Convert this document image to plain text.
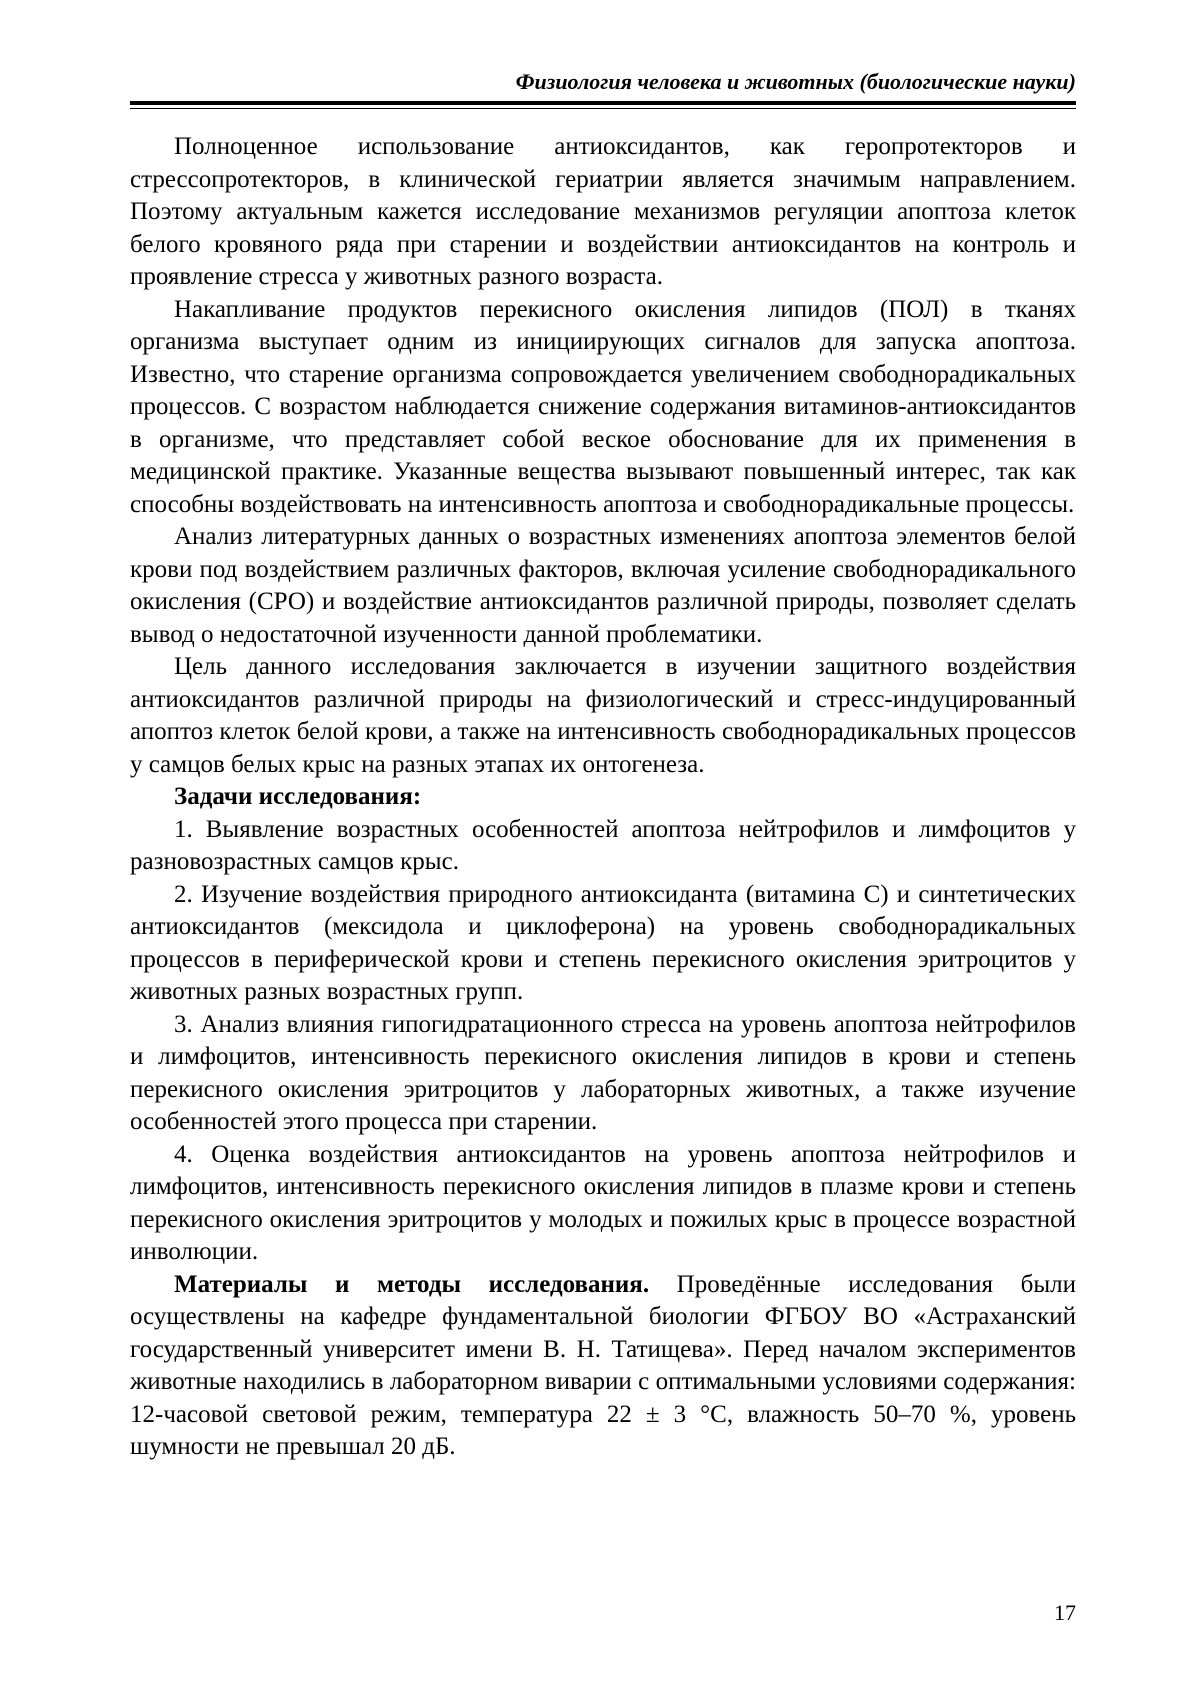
Физиология человека и животных (биологические науки)

Полноценное использование антиоксидантов, как геропротекторов и стрессопротекторов, в клинической гериатрии является значимым направлением. Поэтому актуальным кажется исследование механизмов регуляции апоптоза клеток белого кровяного ряда при старении и воздействии антиоксидантов на контроль и проявление стресса у животных разного возраста.

Накапливание продуктов перекисного окисления липидов (ПОЛ) в тканях организма выступает одним из инициирующих сигналов для запуска апоптоза. Известно, что старение организма сопровождается увеличением свободнорадикальных процессов. С возрастом наблюдается снижение содержания витаминов-антиоксидантов в организме, что представляет собой веское обоснование для их применения в медицинской практике. Указанные вещества вызывают повышенный интерес, так как способны воздействовать на интенсивность апоптоза и свободнорадикальные процессы.

Анализ литературных данных о возрастных изменениях апоптоза элементов белой крови под воздействием различных факторов, включая усиление свободнорадикального окисления (СРО) и воздействие антиоксидантов различной природы, позволяет сделать вывод о недостаточной изученности данной проблематики.

Цель данного исследования заключается в изучении защитного воздействия антиоксидантов различной природы на физиологический и стресс-индуцированный апоптоз клеток белой крови, а также на интенсивность свободнорадикальных процессов у самцов белых крыс на разных этапах их онтогенеза.

Задачи исследования:

1. Выявление возрастных особенностей апоптоза нейтрофилов и лимфоцитов у разновозрастных самцов крыс.

2. Изучение воздействия природного антиоксиданта (витамина С) и синтетических антиоксидантов (мексидола и циклоферона) на уровень свободнорадикальных процессов в периферической крови и степень перекисного окисления эритроцитов у животных разных возрастных групп.

3. Анализ влияния гипогидратационного стресса на уровень апоптоза нейтрофилов и лимфоцитов, интенсивность перекисного окисления липидов в крови и степень перекисного окисления эритроцитов у лабораторных животных, а также изучение особенностей этого процесса при старении.

4. Оценка воздействия антиоксидантов на уровень апоптоза нейтрофилов и лимфоцитов, интенсивность перекисного окисления липидов в плазме крови и степень перекисного окисления эритроцитов у молодых и пожилых крыс в процессе возрастной инволюции.

Материалы и методы исследования. Проведённые исследования были осуществлены на кафедре фундаментальной биологии ФГБОУ ВО «Астраханский государственный университет имени В. Н. Татищева». Перед началом экспериментов животные находились в лабораторном виварии с оптимальными условиями содержания: 12-часовой световой режим, температура 22 ± 3 °С, влажность 50–70 %, уровень шумности не превышал 20 дБ.

17
